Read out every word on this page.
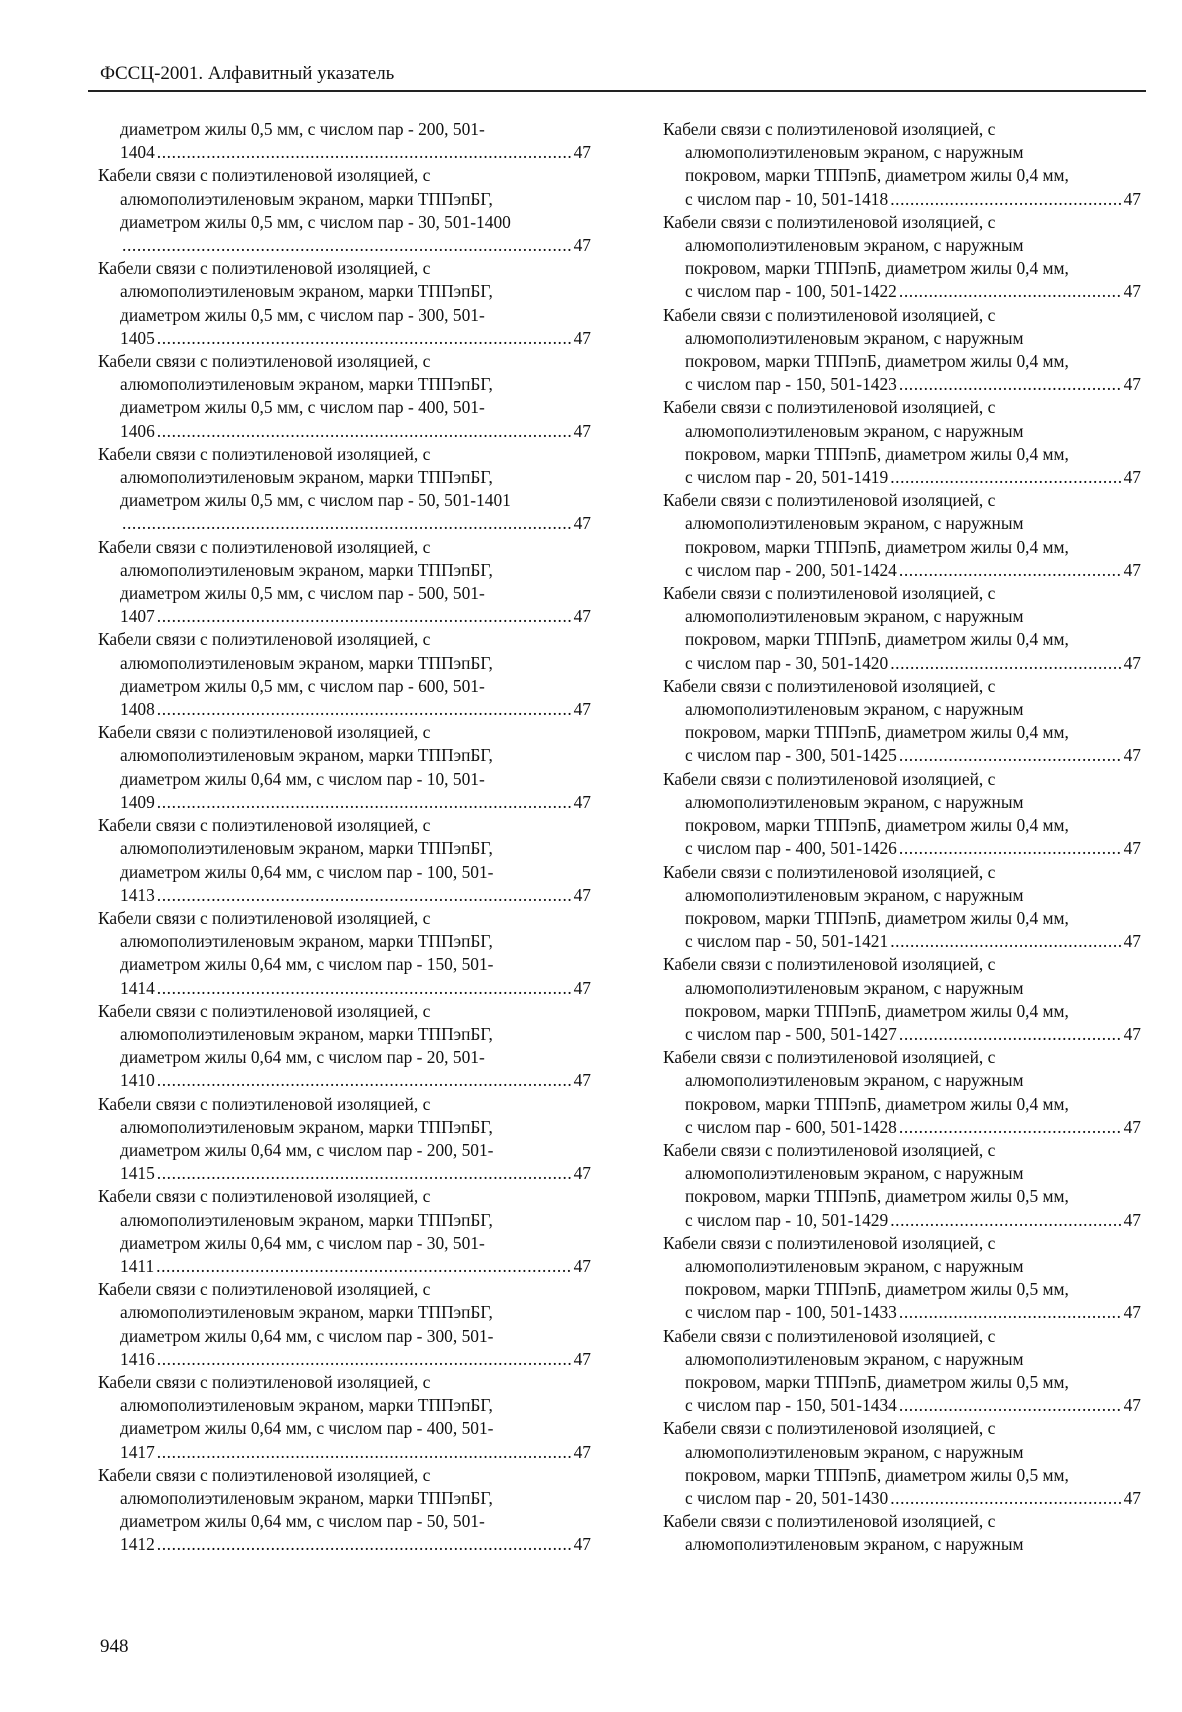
ФССЦ-2001. Алфавитный указатель
диаметром жилы 0,5 мм, с числом пар - 200, 501-
1404 .....	47
Кабели связи с полиэтиленовой изоляцией, с
алюмополиэтиленовым экраном, марки ТППэпБГ,
диаметром жилы 0,5 мм, с числом пар - 30, 501-1400
.....
47
Кабели связи с полиэтиленовой изоляцией, с
алюмополиэтиленовым экраном, марки ТППэпБГ,
диаметром жилы 0,5 мм, с числом пар - 300, 501-
1405 .....	47
Кабели связи с полиэтиленовой изоляцией, с
алюмополиэтиленовым экраном, марки ТППэпБГ,
диаметром жилы 0,5 мм, с числом пар - 400, 501-
1406 .....	47
Кабели связи с полиэтиленовой изоляцией, с
алюмополиэтиленовым экраном, марки ТППэпБГ,
диаметром жилы 0,5 мм, с числом пар - 50, 501-1401
.....
47
Кабели связи с полиэтиленовой изоляцией, с
алюмополиэтиленовым экраном, марки ТППэпБГ,
диаметром жилы 0,5 мм, с числом пар - 500, 501-
1407 .....	47
Кабели связи с полиэтиленовой изоляцией, с
алюмополиэтиленовым экраном, марки ТППэпБГ,
диаметром жилы 0,5 мм, с числом пар - 600, 501-
1408 .....	47
Кабели связи с полиэтиленовой изоляцией, с
алюмополиэтиленовым экраном, марки ТППэпБГ,
диаметром жилы 0,64 мм, с числом пар - 10, 501-
1409 .....	47
Кабели связи с полиэтиленовой изоляцией, с
алюмополиэтиленовым экраном, марки ТППэпБГ,
диаметром жилы 0,64 мм, с числом пар - 100, 501-
1413 .....	47
Кабели связи с полиэтиленовой изоляцией, с
алюмополиэтиленовым экраном, марки ТППэпБГ,
диаметром жилы 0,64 мм, с числом пар - 150, 501-
1414 .....	47
Кабели связи с полиэтиленовой изоляцией, с
алюмополиэтиленовым экраном, марки ТППэпБГ,
диаметром жилы 0,64 мм, с числом пар - 20, 501-
1410 .....	47
Кабели связи с полиэтиленовой изоляцией, с
алюмополиэтиленовым экраном, марки ТППэпБГ,
диаметром жилы 0,64 мм, с числом пар - 200, 501-
1415 .....	47
Кабели связи с полиэтиленовой изоляцией, с
алюмополиэтиленовым экраном, марки ТППэпБГ,
диаметром жилы 0,64 мм, с числом пар - 30, 501-
1411 .....	47
Кабели связи с полиэтиленовой изоляцией, с
алюмополиэтиленовым экраном, марки ТППэпБГ,
диаметром жилы 0,64 мм, с числом пар - 300, 501-
1416 .....	47
Кабели связи с полиэтиленовой изоляцией, с
алюмополиэтиленовым экраном, марки ТППэпБГ,
диаметром жилы 0,64 мм, с числом пар - 400, 501-
1417 .....	47
Кабели связи с полиэтиленовой изоляцией, с
алюмополиэтиленовым экраном, марки ТППэпБГ,
диаметром жилы 0,64 мм, с числом пар - 50, 501-
1412 .....	47
Кабели связи с полиэтиленовой изоляцией, с
алюмополиэтиленовым экраном, с наружным
покровом, марки ТППэпБ, диаметром жилы 0,4 мм,
с числом пар - 10, 501-1418 .....	47
Кабели связи с полиэтиленовой изоляцией, с
алюмополиэтиленовым экраном, с наружным
покровом, марки ТППэпБ, диаметром жилы 0,4 мм,
с числом пар - 100, 501-1422 .....	47
Кабели связи с полиэтиленовой изоляцией, с
алюмополиэтиленовым экраном, с наружным
покровом, марки ТППэпБ, диаметром жилы 0,4 мм,
с числом пар - 150, 501-1423 .....	47
Кабели связи с полиэтиленовой изоляцией, с
алюмополиэтиленовым экраном, с наружным
покровом, марки ТППэпБ, диаметром жилы 0,4 мм,
с числом пар - 20, 501-1419 .....	47
Кабели связи с полиэтиленовой изоляцией, с
алюмополиэтиленовым экраном, с наружным
покровом, марки ТППэпБ, диаметром жилы 0,4 мм,
с числом пар - 200, 501-1424 .....	47
Кабели связи с полиэтиленовой изоляцией, с
алюмополиэтиленовым экраном, с наружным
покровом, марки ТППэпБ, диаметром жилы 0,4 мм,
с числом пар - 30, 501-1420 .....	47
Кабели связи с полиэтиленовой изоляцией, с
алюмополиэтиленовым экраном, с наружным
покровом, марки ТППэпБ, диаметром жилы 0,4 мм,
с числом пар - 300, 501-1425 .....	47
Кабели связи с полиэтиленовой изоляцией, с
алюмополиэтиленовым экраном, с наружным
покровом, марки ТППэпБ, диаметром жилы 0,4 мм,
с числом пар - 400, 501-1426 .....	47
Кабели связи с полиэтиленовой изоляцией, с
алюмополиэтиленовым экраном, с наружным
покровом, марки ТППэпБ, диаметром жилы 0,4 мм,
с числом пар - 50, 501-1421 .....	47
Кабели связи с полиэтиленовой изоляцией, с
алюмополиэтиленовым экраном, с наружным
покровом, марки ТППэпБ, диаметром жилы 0,4 мм,
с числом пар - 500, 501-1427 .....	47
Кабели связи с полиэтиленовой изоляцией, с
алюмополиэтиленовым экраном, с наружным
покровом, марки ТППэпБ, диаметром жилы 0,4 мм,
с числом пар - 600, 501-1428 .....	47
Кабели связи с полиэтиленовой изоляцией, с
алюмополиэтиленовым экраном, с наружным
покровом, марки ТППэпБ, диаметром жилы 0,5 мм,
с числом пар - 10, 501-1429 .....	47
Кабели связи с полиэтиленовой изоляцией, с
алюмополиэтиленовым экраном, с наружным
покровом, марки ТППэпБ, диаметром жилы 0,5 мм,
с числом пар - 100, 501-1433 .....	47
Кабели связи с полиэтиленовой изоляцией, с
алюмополиэтиленовым экраном, с наружным
покровом, марки ТППэпБ, диаметром жилы 0,5 мм,
с числом пар - 150, 501-1434 .....	47
Кабели связи с полиэтиленовой изоляцией, с
алюмополиэтиленовым экраном, с наружным
покровом, марки ТППэпБ, диаметром жилы 0,5 мм,
с числом пар - 20, 501-1430 .....	47
Кабели связи с полиэтиленовой изоляцией, с
алюмополиэтиленовым экраном, с наружным
948
